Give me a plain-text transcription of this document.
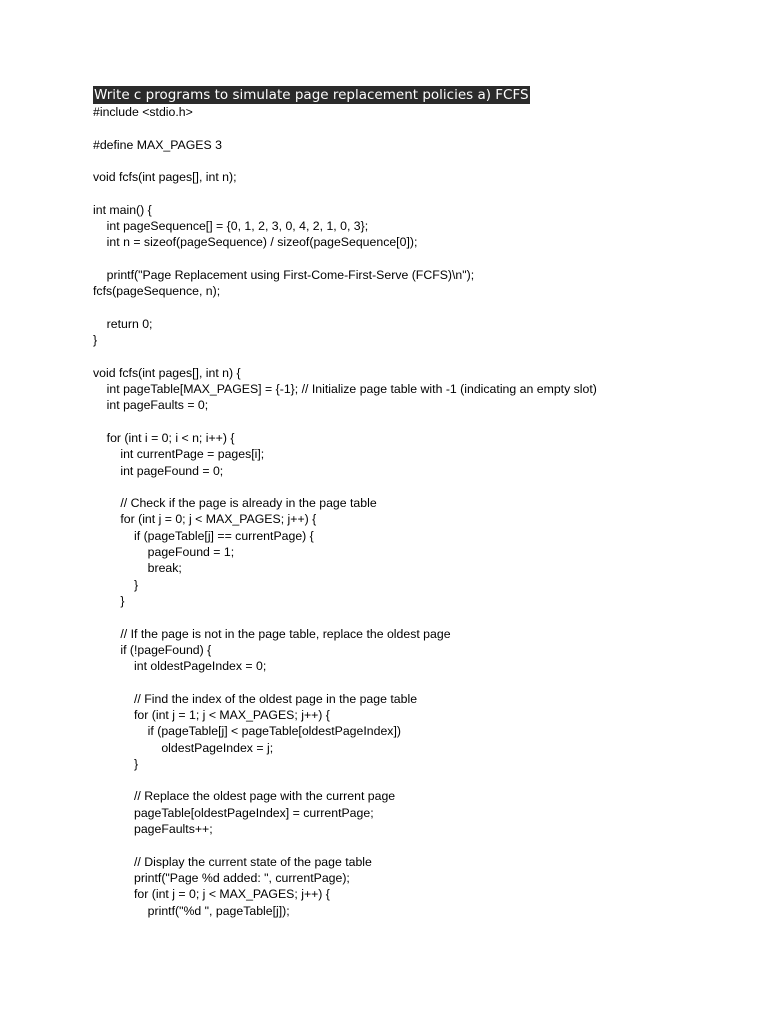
Write c programs to simulate page replacement policies a) FCFS
#include <stdio.h>
#define MAX_PAGES 3
void fcfs(int pages[], int n);
int main() {
int pageSequence[] = {0, 1, 2, 3, 0, 4, 2, 1, 0, 3};
int n = sizeof(pageSequence) / sizeof(pageSequence[0]);
printf("Page Replacement using First-Come-First-Serve (FCFS)\n");
fcfs(pageSequence, n);
return 0;
}
void fcfs(int pages[], int n) {
int pageTable[MAX_PAGES] = {-1}; // Initialize page table with -1 (indicating an empty slot)
int pageFaults = 0;
for (int i = 0; i < n; i++) {
int currentPage = pages[i];
int pageFound = 0;
// Check if the page is already in the page table
for (int j = 0; j < MAX_PAGES; j++) {
if (pageTable[j] == currentPage) {
pageFound = 1;
break;
}
}
// If the page is not in the page table, replace the oldest page
if (!pageFound) {
int oldestPageIndex = 0;
// Find the index of the oldest page in the page table
for (int j = 1; j < MAX_PAGES; j++) {
if (pageTable[j] < pageTable[oldestPageIndex])
oldestPageIndex = j;
}
// Replace the oldest page with the current page
pageTable[oldestPageIndex] = currentPage;
pageFaults++;
// Display the current state of the page table
printf("Page %d added: ", currentPage);
for (int j = 0; j < MAX_PAGES; j++) {
printf("%d ", pageTable[j]);
